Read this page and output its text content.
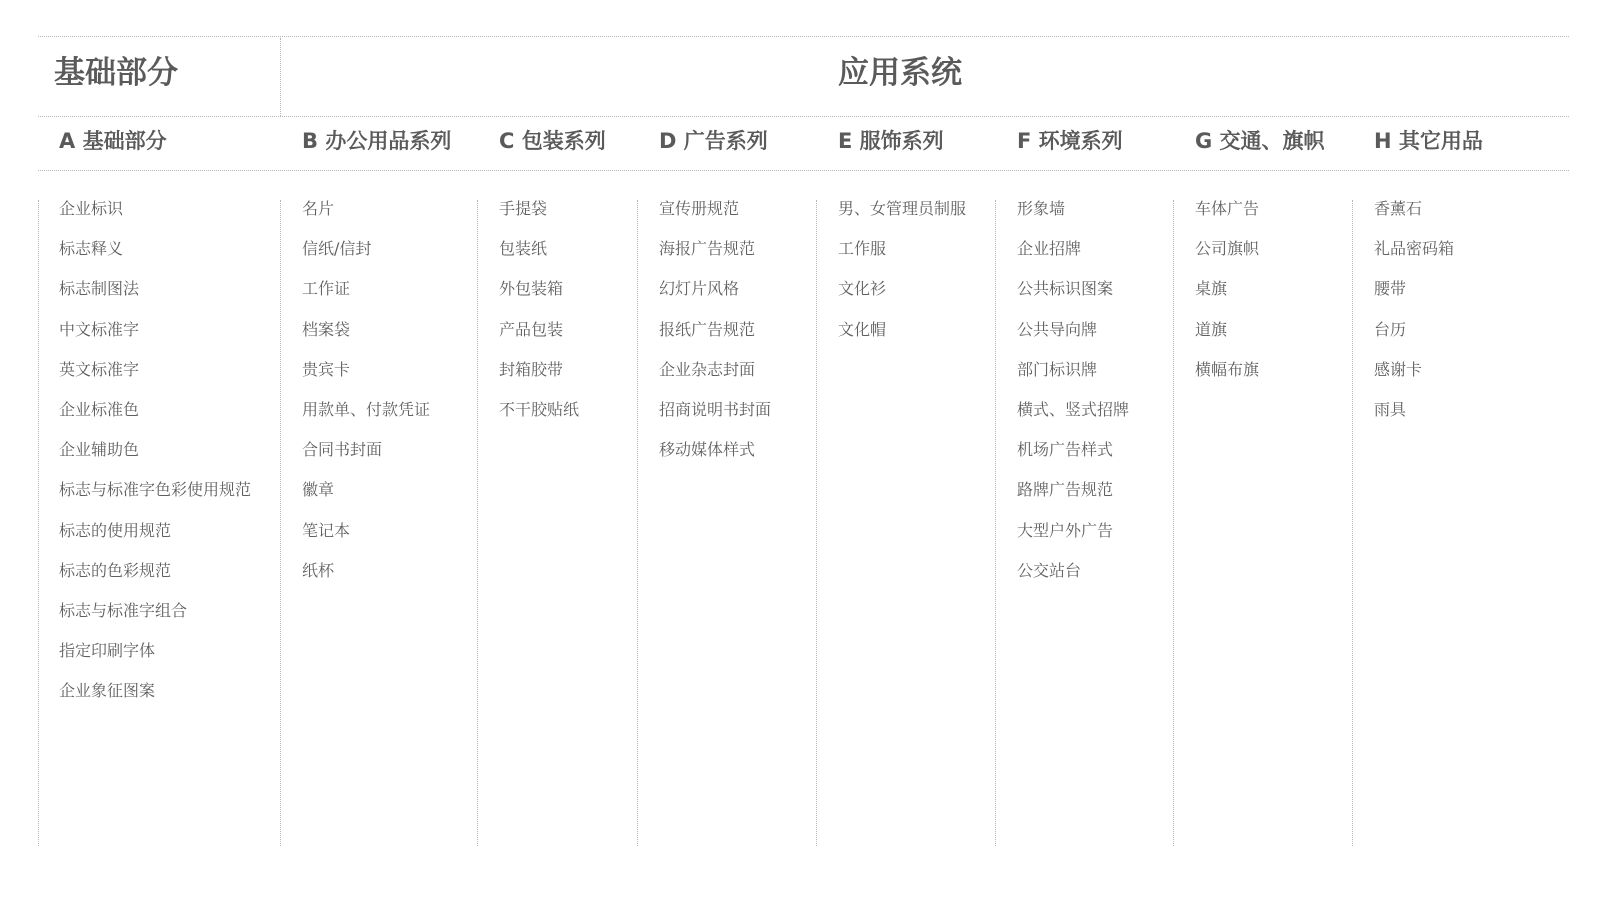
基础部分	应用系统
A 基础部分
企业标识
标志释义
标志制图法
中文标准字
英文标准字
企业标准色
企业辅助色
标志与标准字色彩使用规范
标志的使用规范
标志的色彩规范
标志与标准字组合
指定印刷字体
企业象征图案
B 办公用品系列
名片
信纸/信封
工作证
档案袋
贵宾卡
用款单、付款凭证
合同书封面
徽章
笔记本
纸杯
C 包装系列
手提袋
包装纸
外包装箱
产品包装
封箱胶带
不干胶贴纸
D 广告系列
宣传册规范
海报广告规范
幻灯片风格
报纸广告规范
企业杂志封面
招商说明书封面
移动媒体样式
E 服饰系列
男、女管理员制服
工作服
文化衫
文化帽
F 环境系列
形象墙
企业招牌
公共标识图案
公共导向牌
部门标识牌
横式、竖式招牌
机场广告样式
路牌广告规范
大型户外广告
公交站台
G 交通、旗帜
车体广告
公司旗帜
桌旗
道旗
横幅布旗
H 其它用品
香薰石
礼品密码箱
腰带
台历
感谢卡
雨具
